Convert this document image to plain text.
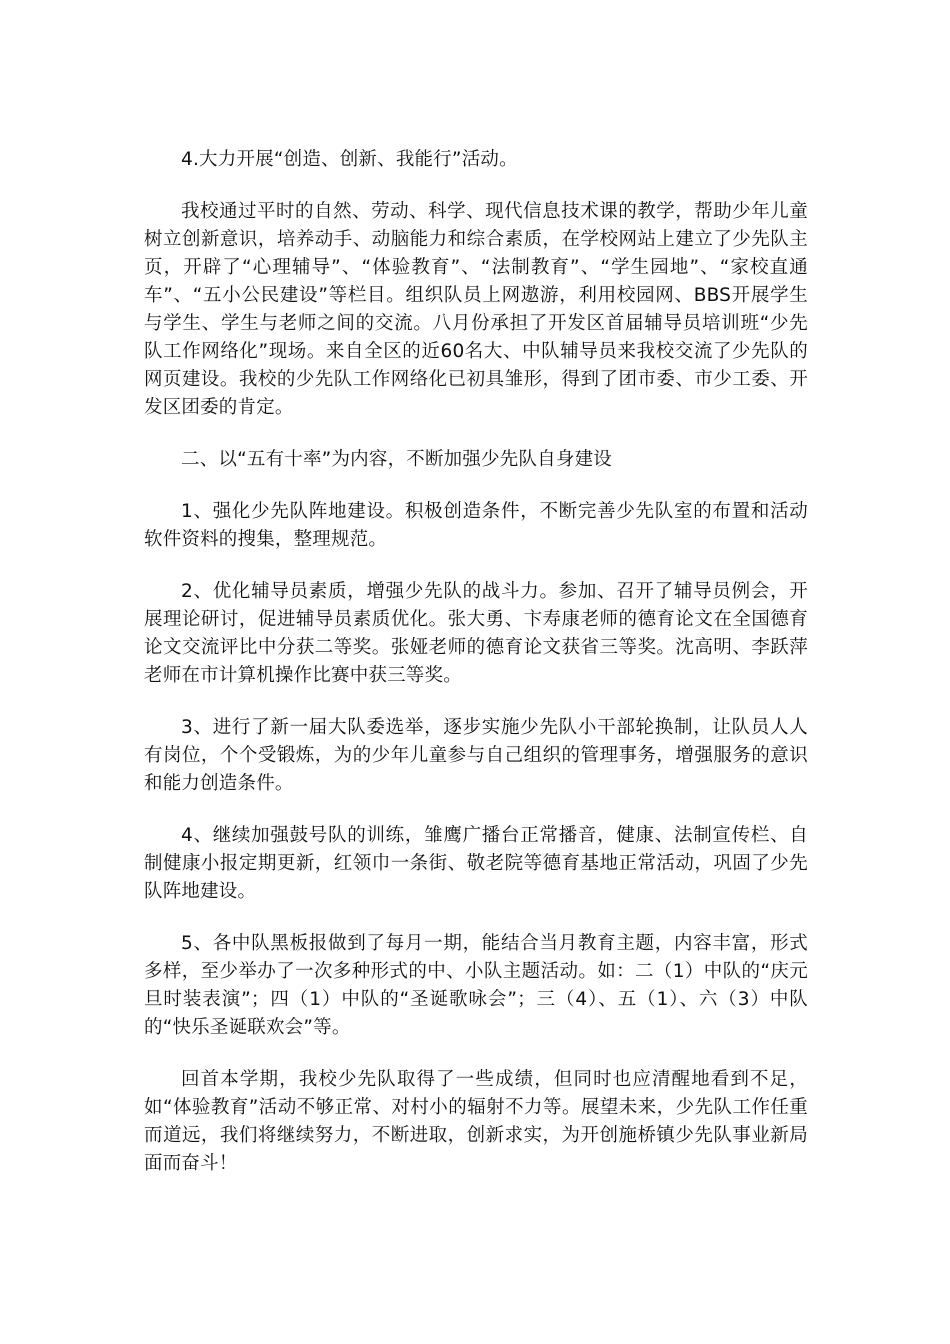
4.大力开展“创造、创新、我能行”活动。

我校通过平时的自然、劳动、科学、现代信息技术课的教学，帮助少年儿童树立创新意识，培养动手、动脑能力和综合素质，在学校网站上建立了少先队主页，开辟了“心理辅导”、“体验教育”、“法制教育”、“学生园地”、“家校直通车”、“五小公民建设”等栏目。组织队员上网遨游，利用校园网、BBS开展学生与学生、学生与老师之间的交流。八月份承担了开发区首届辅导员培训班“少先队工作网络化”现场。来自全区的近60名大、中队辅导员来我校交流了少先队的网页建设。我校的少先队工作网络化已初具雏形，得到了团市委、市少工委、开发区团委的肯定。

二、以“五有十率”为内容，不断加强少先队自身建设

1、强化少先队阵地建设。积极创造条件，不断完善少先队室的布置和活动软件资料的搜集，整理规范。

2、优化辅导员素质，增强少先队的战斗力。参加、召开了辅导员例会，开展理论研讨，促进辅导员素质优化。张大勇、卞寿康老师的德育论文在全国德育论文交流评比中分获二等奖。张娅老师的德育论文获省三等奖。沈高明、李跃萍老师在市计算机操作比赛中获三等奖。

3、进行了新一届大队委选举，逐步实施少先队小干部轮换制，让队员人人有岗位，个个受锻炼，为的少年儿童参与自己组织的管理事务，增强服务的意识和能力创造条件。

4、继续加强鼓号队的训练，雏鹰广播台正常播音，健康、法制宣传栏、自制健康小报定期更新，红领巾一条街、敬老院等德育基地正常活动，巩固了少先队阵地建设。

5、各中队黑板报做到了每月一期，能结合当月教育主题，内容丰富，形式多样，至少举办了一次多种形式的中、小队主题活动。如：二（1）中队的“庆元旦时装表演”；四（1）中队的“圣诞歌咏会”；三（4）、五（1）、六（3）中队的“快乐圣诞联欢会”等。

回首本学期，我校少先队取得了一些成绩，但同时也应清醒地看到不足，如“体验教育”活动不够正常、对村小的辐射不力等。展望未来，少先队工作任重而道远，我们将继续努力，不断进取，创新求实，为开创施桥镇少先队事业新局面而奋斗！
